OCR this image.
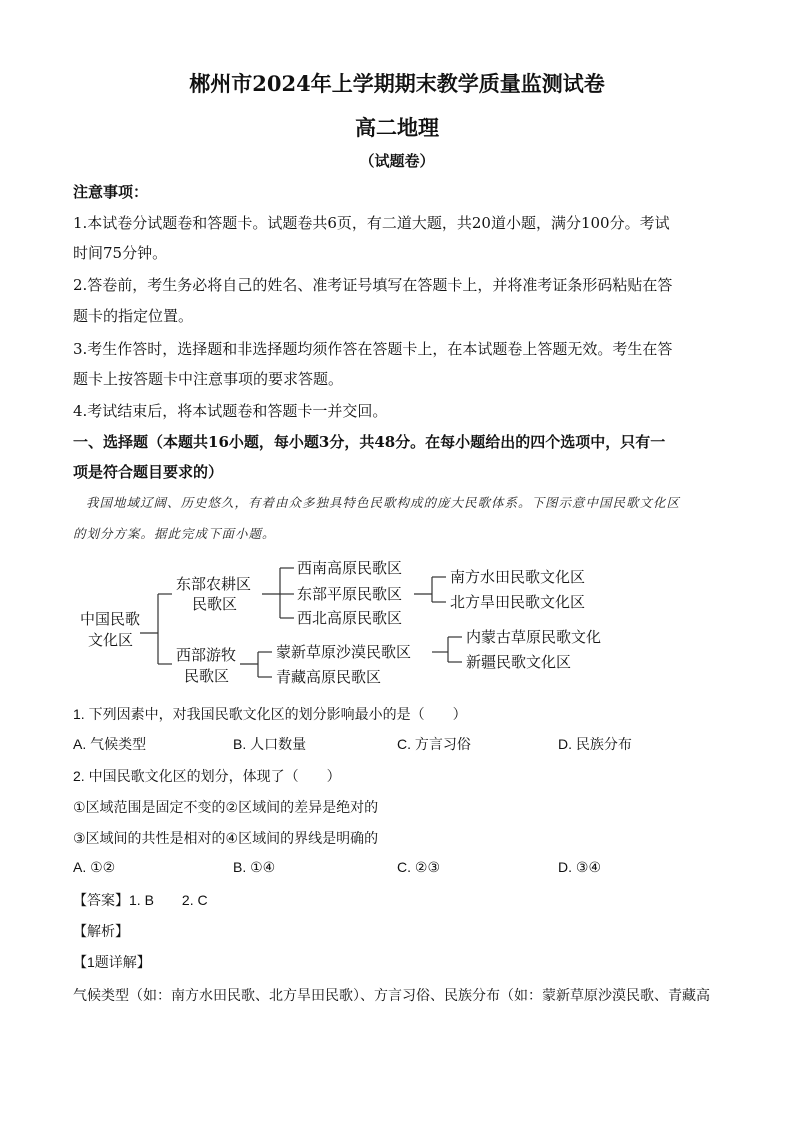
郴州市2024年上学期期末教学质量监测试卷
高二地理
（试题卷）
注意事项：
1.本试卷分试题卷和答题卡。试题卷共6页，有二道大题，共20道小题，满分100分。考试
时间75分钟。
2.答卷前，考生务必将自己的姓名、准考证号填写在答题卡上，并将准考证条形码粘贴在答
题卡的指定位置。
3.考生作答时，选择题和非选择题均须作答在答题卡上，在本试题卷上答题无效。考生在答
题卡上按答题卡中注意事项的要求答题。
4.考试结束后，将本试题卷和答题卡一并交回。
一、选择题（本题共16小题，每小题3分，共48分。在每小题给出的四个选项中，只有一
项是符合题目要求的）
我国地域辽阔、历史悠久，有着由众多独具特色民歌构成的庞大民歌体系。下图示意中国民歌文化区
的划分方案。据此完成下面小题。
中国民歌
文化区
东部农耕区
民歌区
西部游牧
民歌区
西南高原民歌区
东部平原民歌区
西北高原民歌区
南方水田民歌文化区
北方旱田民歌文化区
蒙新草原沙漠民歌区
青藏高原民歌区
内蒙古草原民歌文化
新疆民歌文化区
1. 下列因素中，对我国民歌文化区的划分影响最小的是（　　）
A. 气候类型	B. 人口数量	C. 方言习俗	D. 民族分布
2. 中国民歌文化区的划分，体现了（　　）
①区域范围是固定不变的②区域间的差异是绝对的
③区域间的共性是相对的④区域间的界线是明确的
A. ①②	B. ①④	C. ②③	D. ③④
【答案】1. B　　2. C
【解析】
【1题详解】
气候类型（如：南方水田民歌、北方旱田民歌）、方言习俗、民族分布（如：蒙新草原沙漠民歌、青藏高
